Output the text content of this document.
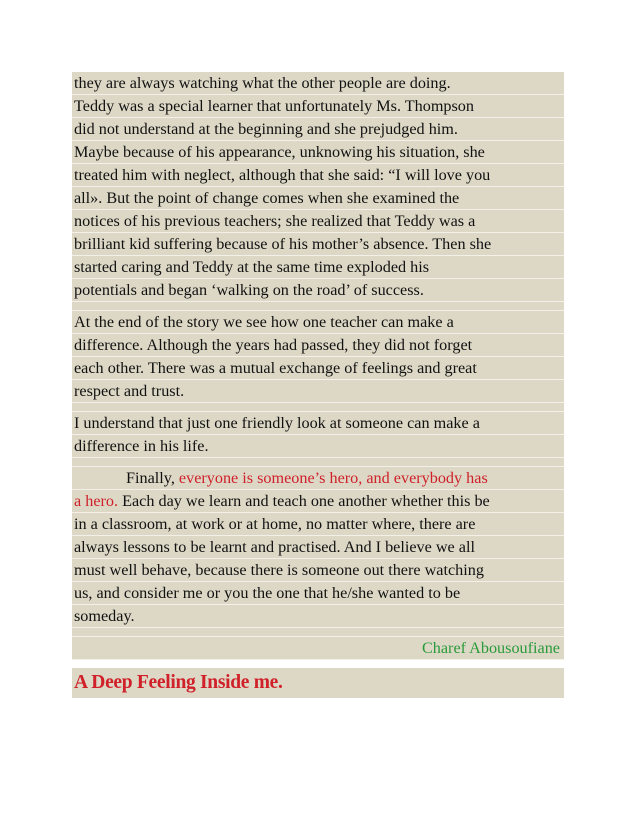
they are always watching what the other people are doing.
Teddy was a special learner that unfortunately Ms. Thompson
did not understand at the beginning and she prejudged him.
Maybe because of his appearance, unknowing his situation, she
treated him with neglect, although that she said: “I will love you
all». But the point of change comes when she examined the
notices of his previous teachers; she realized that Teddy was a
brilliant kid suffering because of his mother’s absence. Then she
started caring and Teddy at the same time exploded his
potentials and began ‘walking on the road’ of success.
At the end of the story we see how one teacher can make a
difference. Although the years had passed, they did not forget
each other. There was a mutual exchange of feelings and great
respect and trust.
I understand that just one friendly look at someone can make a
difference in his life.
Finally, everyone is someone’s hero, and everybody has
a hero. Each day we learn and teach one another whether this be
in a classroom, at work or at home, no matter where, there are
always lessons to be learnt and practised. And I believe we all
must well behave, because there is someone out there watching
us, and consider me or you the one that he/she wanted to be
someday.
Charef Abousoufiane
A Deep Feeling Inside me.
